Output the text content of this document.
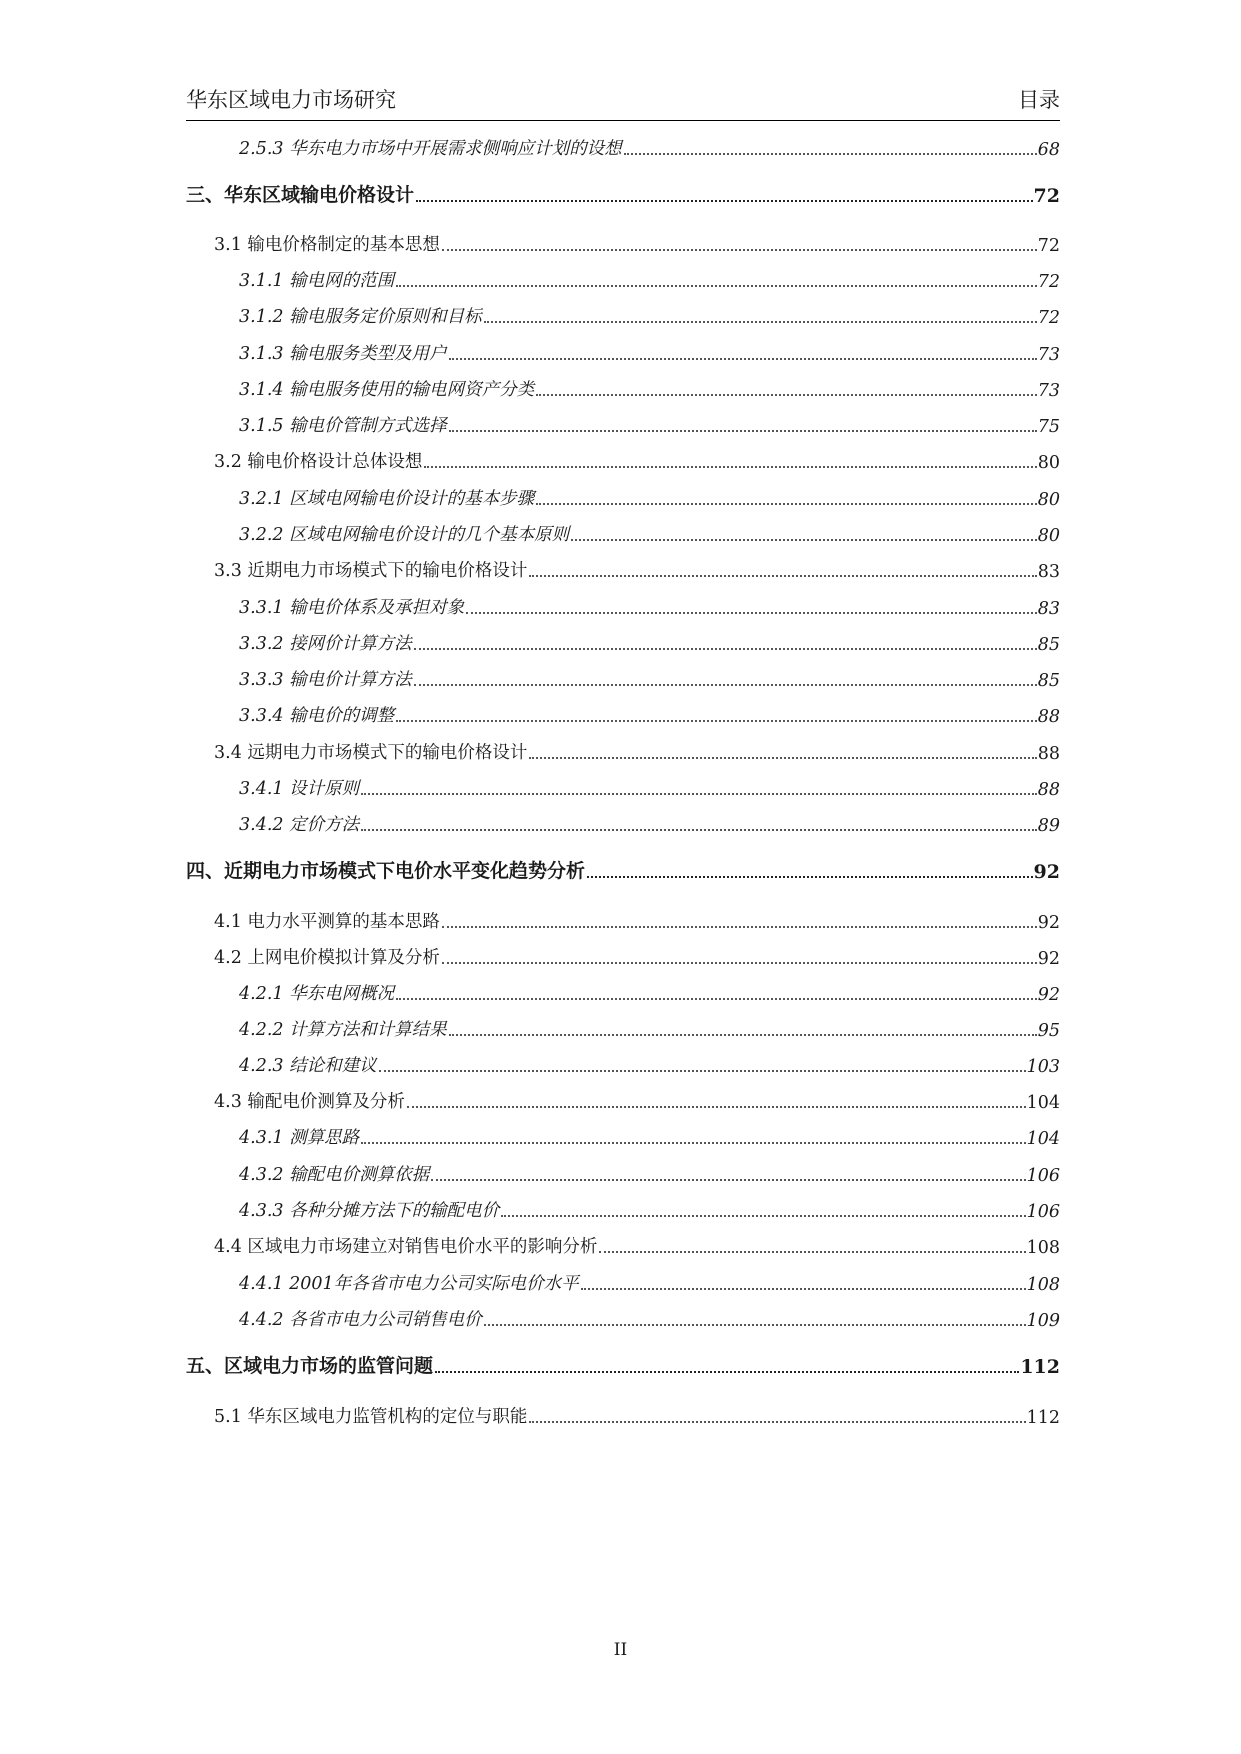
华东区域电力市场研究	目录
2.5.3 华东电力市场中开展需求侧响应计划的设想	68
三、华东区域输电价格设计	72
3.1 输电价格制定的基本思想	72
3.1.1 输电网的范围	72
3.1.2 输电服务定价原则和目标	72
3.1.3 输电服务类型及用户	73
3.1.4 输电服务使用的输电网资产分类	73
3.1.5 输电价管制方式选择	75
3.2 输电价格设计总体设想	80
3.2.1 区域电网输电价设计的基本步骤	80
3.2.2 区域电网输电价设计的几个基本原则	80
3.3 近期电力市场模式下的输电价格设计	83
3.3.1 输电价体系及承担对象	83
3.3.2 接网价计算方法	85
3.3.3 输电价计算方法	85
3.3.4 输电价的调整	88
3.4 远期电力市场模式下的输电价格设计	88
3.4.1 设计原则	88
3.4.2 定价方法	89
四、近期电力市场模式下电价水平变化趋势分析	92
4.1 电力水平测算的基本思路	92
4.2 上网电价模拟计算及分析	92
4.2.1 华东电网概况	92
4.2.2 计算方法和计算结果	95
4.2.3 结论和建议	103
4.3 输配电价测算及分析	104
4.3.1 测算思路	104
4.3.2 输配电价测算依据	106
4.3.3 各种分摊方法下的输配电价	106
4.4 区域电力市场建立对销售电价水平的影响分析	108
4.4.1 2001年各省市电力公司实际电价水平	108
4.4.2 各省市电力公司销售电价	109
五、区域电力市场的监管问题	112
5.1 华东区域电力监管机构的定位与职能	112
II
